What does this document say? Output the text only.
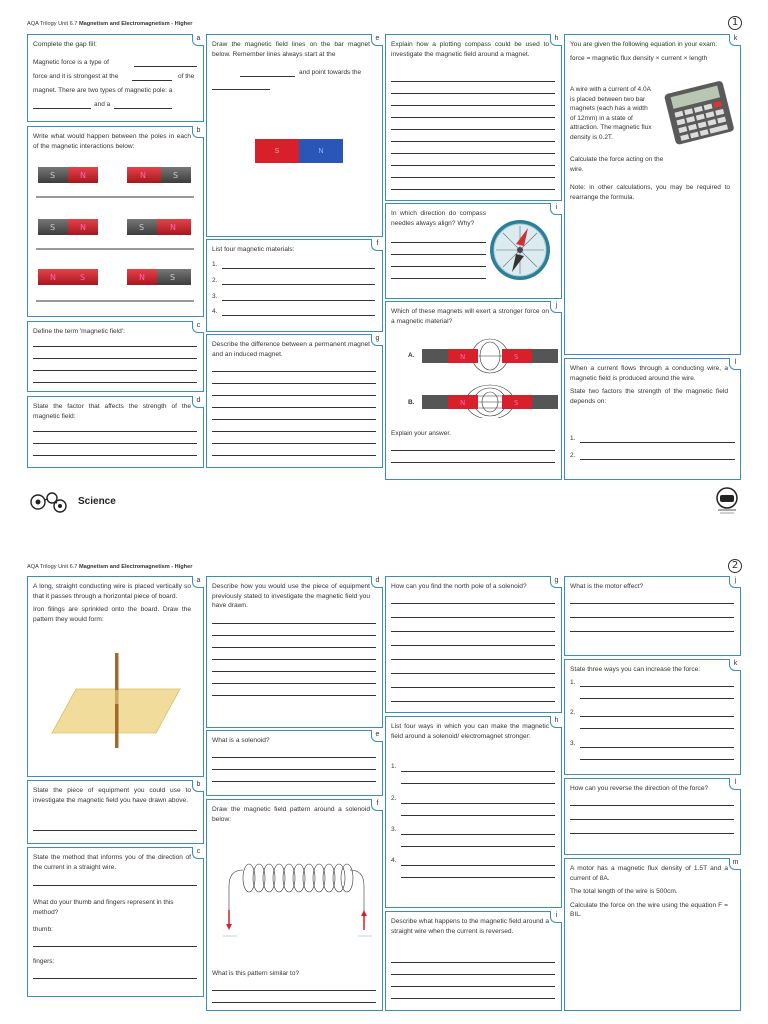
AQA Trilogy Unit 6.7 Magnetism and Electromagnetism - Higher	1
a

Complete the gap fill:

Magnetic force is a type of
force and it is strongest at the	of the
magnet. There are two types of magnetic pole: a
and a
b

Write what would happen between the poles in each of the magnetic interactions below:

S	N	N	S
S	N	S	N
N	S	N	S
c

Define the term 'magnetic field':

d

State the factor that affects the strength of the magnetic field:

e

Draw the magnetic field lines on the bar magnet below. Remember lines always start at the

and point towards the
S	N
f

List four magnetic materials:

1.
2.
3.
4.
g

Describe the difference between a permanent magnet and an induced magnet.

h

Explain how a plotting compass could be used to investigate the magnetic field around a magnet.

i

In which direction do compass needles always align? Why?

j

Which of these magnets will exert a stronger force on a magnetic material?

A.
B.
N	S
N	S
Explain your answer.
k

You are given the following equation in your exam:

force = magnetic flux density × current × length

A wire with a current of 4.0A is placed between two bar magnets (each has a width of 12mm) in a state of attraction. The magnetic flux density is 0.2T.
Calculate the force acting on the wire.
Note: in other calculations, you may be required to rearrange the formula.
l

When a current flows through a conducting wire, a magnetic field is produced around the wire.

State two factors the strength of the magnetic field depends on:

1.
2.
Science
AQA Trilogy Unit 6.7 Magnetism and Electromagnetism - Higher	2
a

A long, straight conducting wire is placed vertically so that it passes through a horizontal piece of board.

Iron filings are sprinkled onto the board. Draw the pattern they would form:

b

State the piece of equipment you could use to investigate the magnetic field you have drawn above.

c

State the method that informs you of the direction of the current in a straight wire.

What do your thumb and fingers represent in this method?
thumb:
fingers:
d

Describe how you would use the piece of equipment previously stated to investigate the magnetic field you have drawn.

e

What is a solenoid?

f

Draw the magnetic field pattern around a solenoid below:

What is this pattern similar to?
g

How can you find the north pole of a solenoid?

h

List four ways in which you can make the magnetic field around a solenoid/ electromagnet stronger:

1.
2.
3.
4.
i

Describe what happens to the magnetic field around a straight wire when the current is reversed.

j

What is the motor effect?

k

State three ways you can increase the force:

1.
2.
3.
l

How can you reverse the direction of the force?

m

A motor has a magnetic flux density of 1.5T and a current of 8A.

The total length of the wire is 500cm.

Calculate the force on the wire using the equation F = BIL.
